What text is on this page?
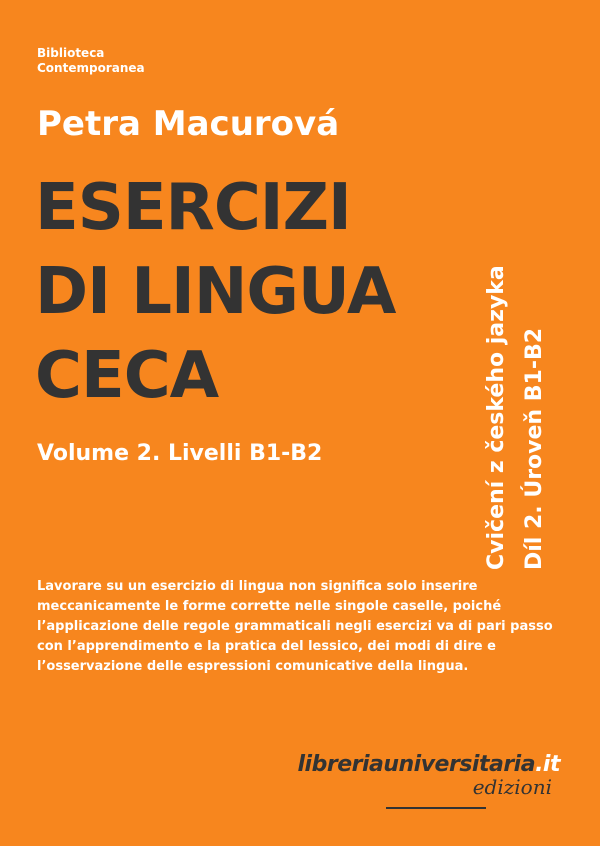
Biblioteca
Contemporanea
Petra Macurová
ESERCIZI
DI LINGUA
CECA
Volume 2. Livelli B1-B2	Cvičení z českého jazyka Díl 2. Úroveň B1-B2
Lavorare su un esercizio di lingua non significa solo inserire meccanicamente le forme corrette nelle singole caselle, poiché l’applicazione delle regole grammaticali negli esercizi va di pari passo con l’apprendimento e la pratica del lessico, dei modi di dire e l’osservazione delle espressioni comunicative della lingua.
libreriauniversitaria.it
edizioni
